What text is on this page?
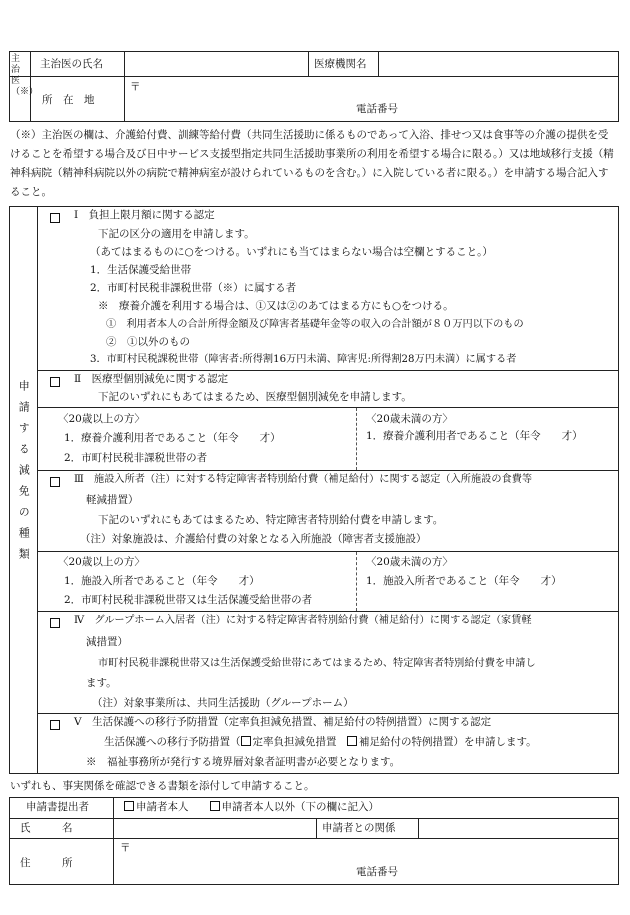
主治医（※）
主治医の氏名	医療機関名
所　在　地
〒
電話番号
（※）主治医の欄は、介護給付費、訓練等給付費（共同生活援助に係るものであって入浴、排せつ又は食事等の介護の提供を受けることを希望する場合及び日中サービス支援型指定共同生活援助事業所の利用を希望する場合に限る。）又は地域移行支援（精神科病院（精神科病院以外の病院で精神病室が設けられているものを含む。）に入院している者に限る。）を申請する場合記入すること。
申請する減免の種類
Ⅰ　負担上限月額に関する認定
下記の区分の適用を申請します。
（あてはまるものに○をつける。いずれにも当てはまらない場合は空欄とすること。）
1．生活保護受給世帯
2．市町村民税非課税世帯（※）に属する者
※　療養介護を利用する場合は、①又は②のあてはまる方にも○をつける。
①　利用者本人の合計所得金額及び障害者基礎年金等の収入の合計額が８０万円以下のもの
②　①以外のもの
3．市町村民税課税世帯（障害者:所得割16万円未満、障害児:所得割28万円未満）に属する者
Ⅱ　医療型個別減免に関する認定
下記のいずれにもあてはまるため、医療型個別減免を申請します。
〈20歳以上の方〉
1．療養介護利用者であること（年令　　才）
2．市町村民税非課税世帯の者
〈20歳未満の方〉
1．療養介護利用者であること（年令　　才）
Ⅲ　施設入所者（注）に対する特定障害者特別給付費（補足給付）に関する認定（入所施設の食費等
軽減措置）
下記のいずれにもあてはまるため、特定障害者特別給付費を申請します。
（注）対象施設は、介護給付費の対象となる入所施設（障害者支援施設）
〈20歳以上の方〉
1．施設入所者であること（年令　　才）
2．市町村民税非課税世帯又は生活保護受給世帯の者
〈20歳未満の方〉
1．施設入所者であること（年令　　才）
Ⅳ　グループホーム入居者（注）に対する特定障害者特別給付費（補足給付）に関する認定（家賃軽
減措置）
市町村民税非課税世帯又は生活保護受給世帯にあてはまるため、特定障害者特別給付費を申請し
ます。
（注）対象事業所は、共同生活援助（グループホーム）
Ⅴ　生活保護への移行予防措置（定率負担減免措置、補足給付の特例措置）に関する認定
生活保護への移行予防措置（ 定率負担減免措置　 補足給付の特例措置）を申請します。
※　福祉事務所が発行する境界層対象者証明書が必要となります。
いずれも、事実関係を確認できる書類を添付して申請すること。
申請書提出者	申請者本人　　	申請者本人以外（下の欄に記入）
氏　　　名	申請者との関係
住　　　所
〒
電話番号
